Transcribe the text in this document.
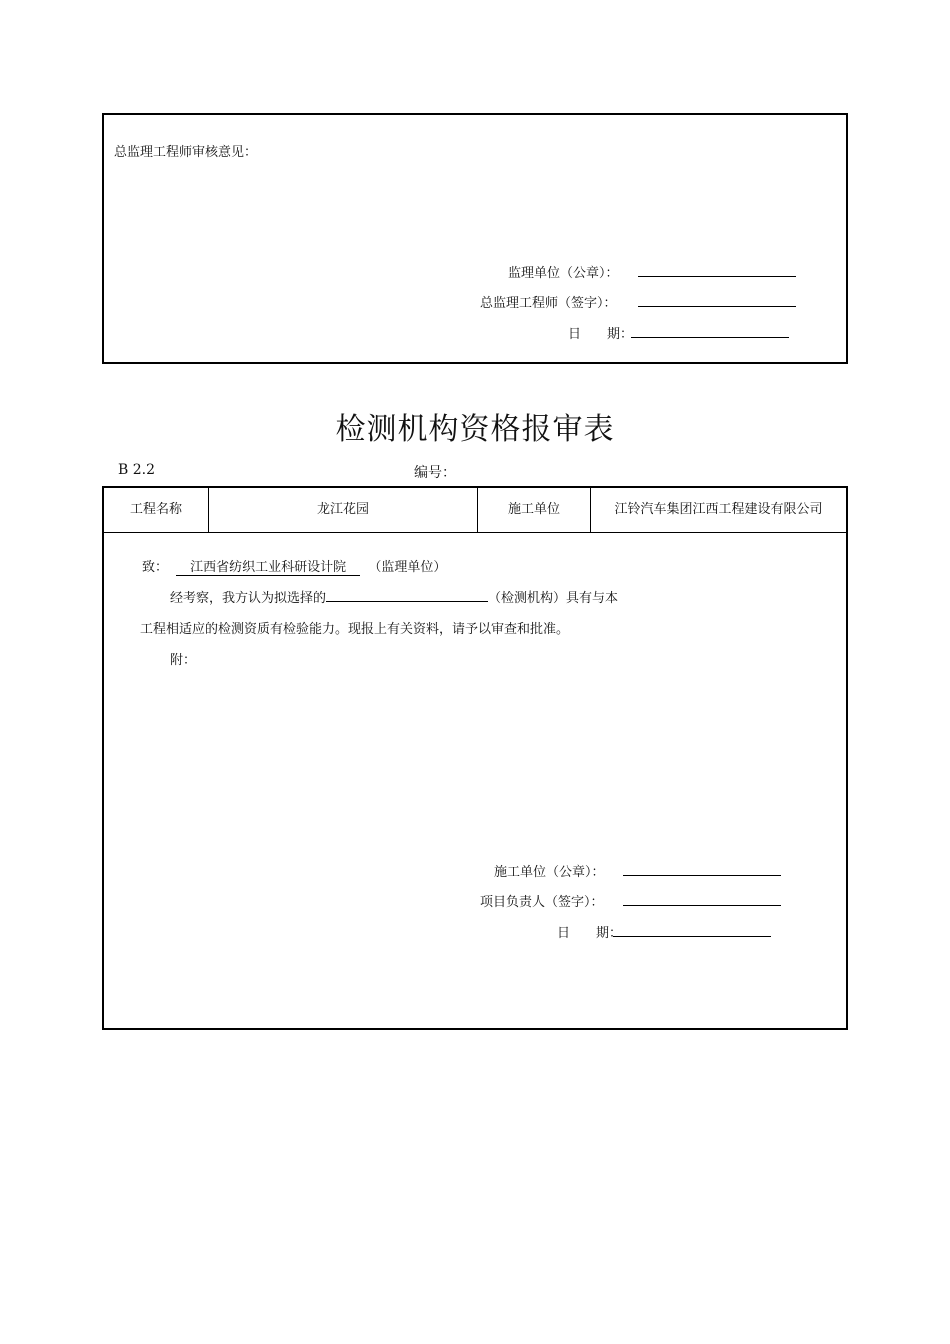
总监理工程师审核意见：
监理单位（公章）：
总监理工程师（签字）：
日　　期：
检测机构资格报审表
B 2.2	编号：
工程名称	龙江花园	施工单位	江铃汽车集团江西工程建设有限公司
致： 江西省纺织工业科研设计院 （监理单位）
经考察，我方认为拟选择的	（检测机构）具有与本
工程相适应的检测资质有检验能力。现报上有关资料，请予以审查和批准。
附：
施工单位（公章）：
项目负责人（签字）：
日　　期：
